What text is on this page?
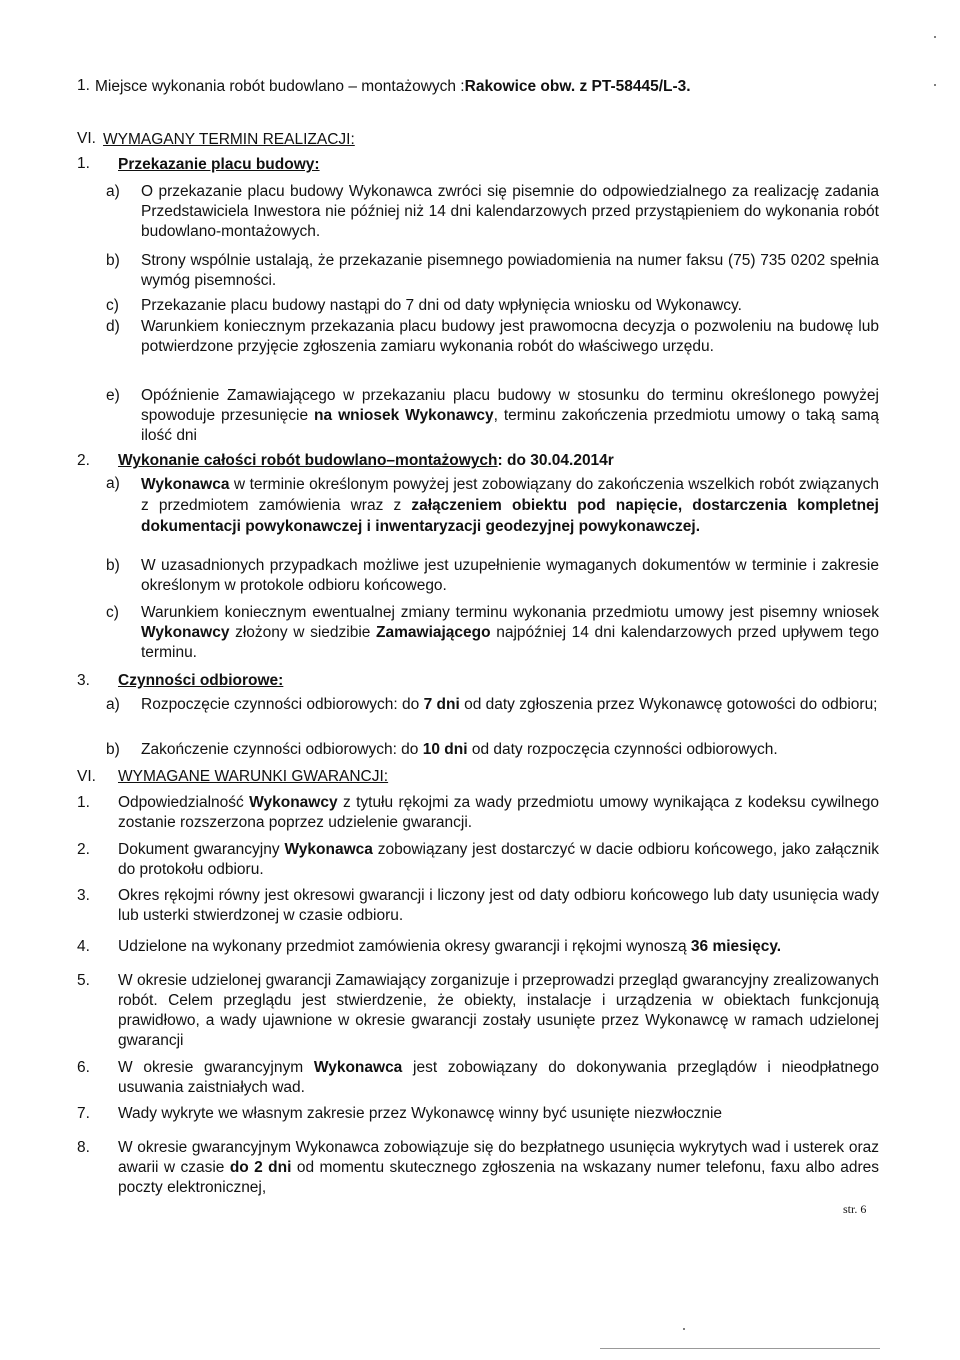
1. Miejsce wykonania robót budowlano – montażowych :Rakowice obw. z PT-58445/L-3.
VI. WYMAGANY TERMIN REALIZACJI:
1. Przekazanie placu budowy:
a) O przekazanie placu budowy Wykonawca zwróci się pisemnie do odpowiedzialnego za realizację zadania Przedstawiciela Inwestora nie później niż 14 dni kalendarzowych przed przystąpieniem do wykonania robót budowlano-montażowych.
b) Strony wspólnie ustalają, że przekazanie pisemnego powiadomienia na numer faksu (75) 735 0202 spełnia wymóg pisemności.
c) Przekazanie placu budowy nastąpi do 7 dni od daty wpłynięcia wniosku od Wykonawcy.
d) Warunkiem koniecznym przekazania placu budowy jest prawomocna decyzja o pozwoleniu na budowę lub potwierdzone przyjęcie zgłoszenia zamiaru wykonania robót do właściwego urzędu.
e) Opóźnienie Zamawiającego w przekazaniu placu budowy w stosunku do terminu określonego powyżej spowoduje przesunięcie na wniosek Wykonawcy, terminu zakończenia przedmiotu umowy o taką samą ilość dni
2. Wykonanie całości robót budowlano–montażowych: do 30.04.2014r
a) Wykonawca w terminie określonym powyżej jest zobowiązany do zakończenia wszelkich robót związanych z przedmiotem zamówienia wraz z załączeniem obiektu pod napięcie, dostarczenia kompletnej dokumentacji powykonawczej i inwentaryzacji geodezyjnej powykonawczej.
b) W uzasadnionych przypadkach możliwe jest uzupełnienie wymaganych dokumentów w terminie i zakresie określonym w protokole odbioru końcowego.
c) Warunkiem koniecznym ewentualnej zmiany terminu wykonania przedmiotu umowy jest pisemny wniosek Wykonawcy złożony w siedzibie Zamawiającego najpóźniej 14 dni kalendarzowych przed upływem tego terminu.
3. Czynności odbiorowe:
a) Rozpoczęcie czynności odbiorowych: do 7 dni od daty zgłoszenia przez Wykonawcę gotowości do odbioru;
b) Zakończenie czynności odbiorowych: do 10 dni od daty rozpoczęcia czynności odbiorowych.
VI. WYMAGANE WARUNKI GWARANCJI:
1. Odpowiedzialność Wykonawcy z tytułu rękojmi za wady przedmiotu umowy wynikająca z kodeksu cywilnego zostanie rozszerzona poprzez udzielenie gwarancji.
2. Dokument gwarancyjny Wykonawca zobowiązany jest dostarczyć w dacie odbioru końcowego, jako załącznik do protokołu odbioru.
3. Okres rękojmi równy jest okresowi gwarancji i liczony jest od daty odbioru końcowego lub daty usunięcia wady lub usterki stwierdzonej w czasie odbioru.
4. Udzielone na wykonany przedmiot zamówienia okresy gwarancji i rękojmi wynoszą 36 miesięcy.
5. W okresie udzielonej gwarancji Zamawiający zorganizuje i przeprowadzi przegląd gwarancyjny zrealizowanych robót. Celem przeglądu jest stwierdzenie, że obiekty, instalacje i urządzenia w obiektach funkcjonują prawidłowo, a wady ujawnione w okresie gwarancji zostały usunięte przez Wykonawcę w ramach udzielonej gwarancji
6. W okresie gwarancyjnym Wykonawca jest zobowiązany do dokonywania przeglądów i nieodpłatnego usuwania zaistniałych wad.
7. Wady wykryte we własnym zakresie przez Wykonawcę winny być usunięte niezwłocznie
8. W okresie gwarancyjnym Wykonawca zobowiązuje się do bezpłatnego usunięcia wykrytych wad i usterek oraz awarii w czasie do 2 dni od momentu skutecznego zgłoszenia na wskazany numer telefonu, faxu albo adres poczty elektronicznej,
str. 6
